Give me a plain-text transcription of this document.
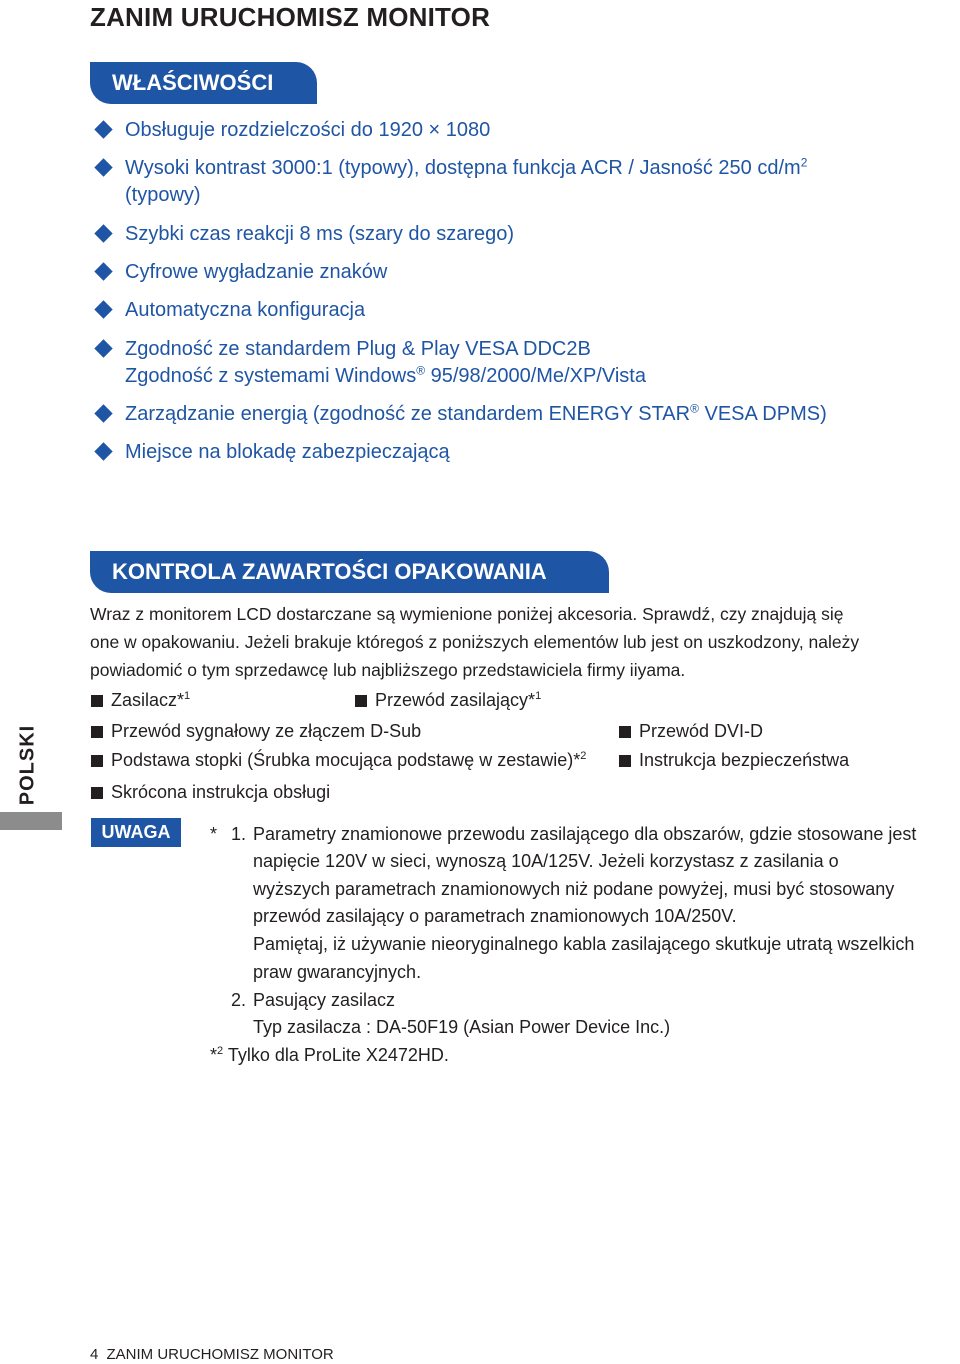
ZANIM URUCHOMISZ MONITOR
WŁAŚCIWOŚCI
Obsługuje rozdzielczości do 1920 × 1080
Wysoki kontrast 3000:1 (typowy), dostępna funkcja ACR / Jasność 250 $cd/m^2$
(typowy)
Szybki czas reakcji 8 ms (szary do szarego)
Cyfrowe wygładzanie znaków
Automatyczna konfiguracja
Zgodność ze standardem Plug & Play VESA DDC2B
Zgodność z systemami Windows® 95/98/2000/Me/XP/Vista
Zarządzanie energią (zgodność ze standardem ENERGY STAR® VESA DPMS)
Miejsce na blokadę zabezpieczającą
KONTROLA ZAWARTOŚCI OPAKOWANIA
Wraz z monitorem LCD dostarczane są wymienione poniżej akcesoria. Sprawdź, czy znajdują się
one w opakowaniu. Jeżeli brakuje któregoś z poniższych elementów lub jest on uszkodzony, należy
powiadomić o tym sprzedawcę lub najbliższego przedstawiciela firmy iiyama.
Zasilacz*$^1$	Przewód zasilający*$^1$
Przewód sygnałowy ze złączem D-Sub	Przewód DVI-D
Podstawa stopki (Śrubka mocująca podstawę w zestawie)*$^2$	Instrukcja bezpieczeństwa
Skrócona instrukcja obsługi
POLSKI
UWAGA	* 1. Parametry znamionowe przewodu zasilającego dla obszarów, gdzie stosowane jest
napięcie 120V w sieci, wynoszą 10A/125V. Jeżeli korzystasz z zasilania o
wyższych parametrach znamionowych niż podane powyżej, musi być stosowany
przewód zasilający o parametrach znamionowych 10A/250V.
Pamiętaj, iż używanie nieoryginalnego kabla zasilającego skutkuje utratą wszelkich
praw gwarancyjnych.
2. Pasujący zasilacz
Typ zasilacza : DA-50F19 (Asian Power Device Inc.)
*$^2$ Tylko dla ProLite X2472HD.
4 ZANIM URUCHOMISZ MONITOR
